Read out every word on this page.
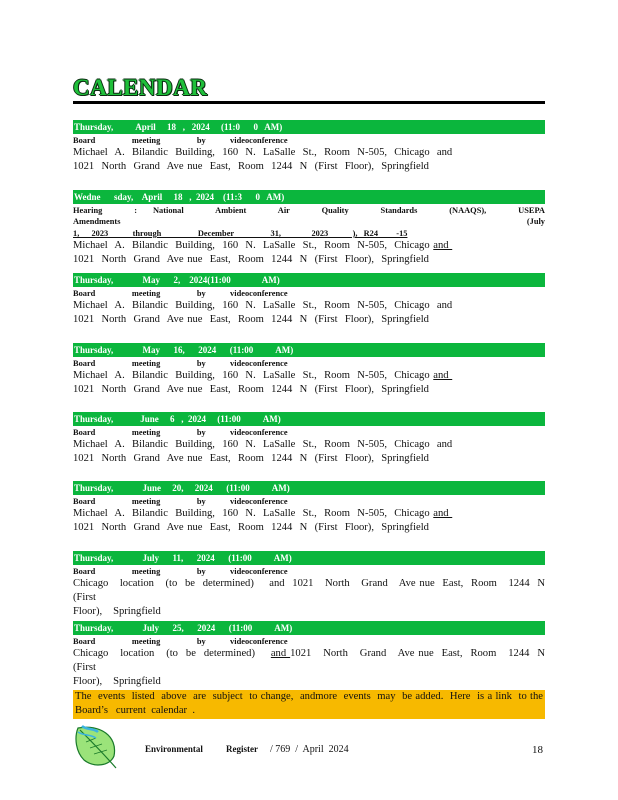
CALENDAR
Thursday,          April     18   ,   2024     (11:0      0   AM)
Board      meeting      by    videoconference
Michael  A.  Bilandic  Building,  160  N.  LaSalle  St.,  Room  N-505,  Chicago  and
1021  North  Grand  Ave nue  East,  Room  1244  N  (First  Floor),  Springfield
Wedne      sday,    April     18   ,  2024    (11:3      0   AM)
Hearing    :  National    Ambient    Air    Quality    Standards    (NAAQS),    USEPA    Amendments    (July
1,  2023    through      December      31,     2023    ), R24   -15
Michael  A.  Bilandic  Building,  160  N.  LaSalle  St.,  Room  N-505,  Chicago and
1021  North  Grand  Ave nue  East,  Room  1244  N  (First  Floor),  Springfield
Thursday,             May      2,    2024(11:00              AM)
Board      meeting      by    videoconference
Michael  A.  Bilandic  Building,  160  N.  LaSalle  St.,  Room  N-505,  Chicago  and
1021  North  Grand  Ave nue  East,  Room  1244  N  (First  Floor),  Springfield
Thursday,             May      16,      2024      (11:00          AM)
Board      meeting      by    videoconference
Michael  A.  Bilandic  Building,  160  N.  LaSalle  St.,  Room  N-505,  Chicago and
1021  North  Grand  Ave nue  East,  Room  1244  N  (First  Floor),  Springfield
Thursday,            June     6   ,  2024     (11:00          AM)
Board      meeting      by    videoconference
Michael  A.  Bilandic  Building,  160  N.  LaSalle  St.,  Room  N-505,  Chicago  and
1021  North  Grand  Ave nue  East,  Room  1244  N  (First  Floor),  Springfield
Thursday,             June     20,     2024      (11:00          AM)
Board      meeting      by    videoconference
Michael  A.  Bilandic  Building,  160  N.  LaSalle  St.,  Room  N-505,  Chicago and
1021  North  Grand  Ave nue  East,  Room  1244  N  (First  Floor),  Springfield
Thursday,             July      11,      2024      (11:00          AM)
Board      meeting      by    videoconference
Chicago   location   (to  be  determined)    and  1021   North   Grand   Ave nue  East,  Room   1244  N  (First
Floor),   Springfield
Thursday,             July      25,      2024      (11:00          AM)
Board      meeting      by    videoconference
Chicago   location   (to  be  determined)    and 1021   North   Grand   Ave nue  East,  Room   1244  N  (First
Floor),   Springfield
The  events  listed  above  are  subject  to change,  andmore  events  may  be added.  Here  is a link  to the  Board’s   current  calendar  .
Environmental	Register / 769  /  April  2024	18
